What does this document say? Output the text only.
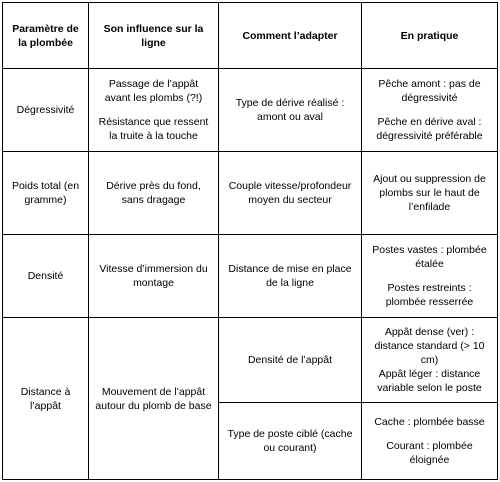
Paramètre de la plombée

Son influence sur la ligne

Comment l’adapter	En pratique

Dégressivité

Passage de l’appât avant les plombs (?!)

Résistance que ressent la truite à la touche

Type de dérive réalisé : amont ou aval

Pêche amont : pas de dégressivité

Pêche en dérive aval : dégressivité préférable

Poids total (en gramme)

Dérive près du fond, sans dragage

Couple vitesse/profondeur moyen du secteur

Ajout ou suppression de plombs sur le haut de l’enfilade

Densité

Vitesse d’immersion du montage

Distance de mise en place de la ligne

Postes vastes : plombée étalée

Postes restreints : plombée resserrée

Distance à l’appât

Mouvement de l’appât autour du plomb de base

Densité de l’appât

Appât dense (ver) : distance standard (> 10 cm)

Appât léger : distance variable selon le poste

Type de poste ciblé (cache ou courant)

Cache : plombée basse

Courant : plombée éloignée
